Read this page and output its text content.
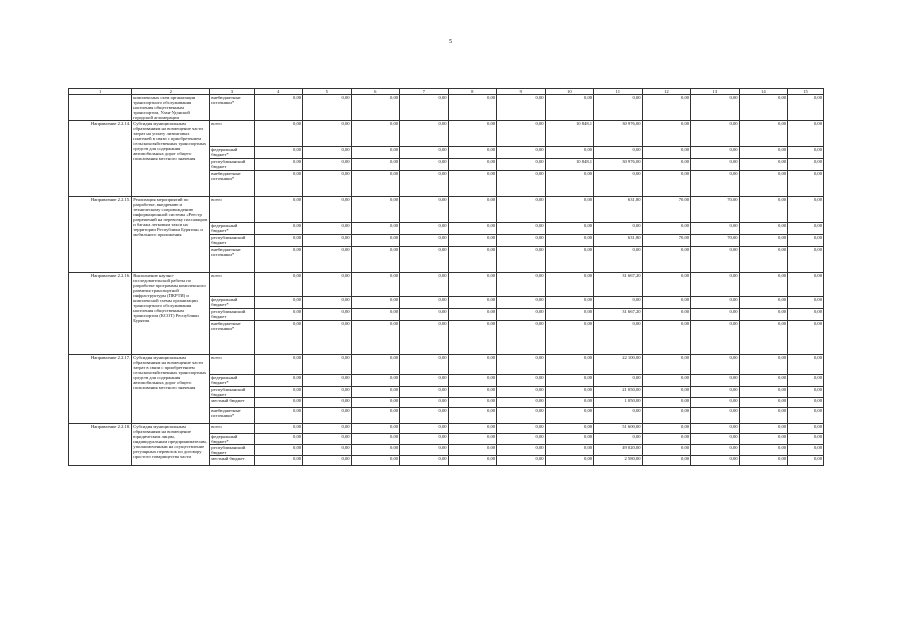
5
1	2	3	4	5	6	7	8	9	10	11	12	13	14	15
	комплексных схем организации транспортного обслуживания населения общественным транспортом, Улан-Удэнской городской агломерации	внебюджетные источники*	0,00	0,00	0,00	0,00	0,00	0,00	0,00	0,00	0,00	0,00	0,00	0,00
Направление 2.2.14.	Субсидия муниципальным образованиям на возмещение части затрат на уплату лизинговых платежей в связи с приобретением сельскохозяйственных транспортных средств для содержания автомобильных дорог общего пользования местного значения	всего	0,00	0,00	0,00	0,00	0,00	0,00	10 848,1	30 976,00	0,00	0,00	0,00	0,00
		федеральный бюджет*	0,00	0,00	0,00	0,00	0,00	0,00	0,00	0,00	0,00	0,00	0,00	0,00
		республиканский бюджет	0,00	0,00	0,00	0,00	0,00	0,00	10 848,1	30 976,00	0,00	0,00	0,00	0,00
		внебюджетные источники*	0,00	0,00	0,00	0,00	0,00	0,00	0,00	0,00	0,00	0,00	0,00	0,00
Направление 2.2.15.	Реализация мероприятий по разработке, внедрению и техническому сопровождению информационной системы «Реестр разрешений на перевозку пассажиров и багажа легковым такси на территории Республики Бурятия» и мобильного приложения	всего	0,00	0,00	0,00	0,00	0,00	0,00	0,00	631,80	70,00	70,00	0,00	0,00
		федеральный бюджет*	0,00	0,00	0,00	0,00	0,00	0,00	0,00	0,00	0,00	0,00	0,00	0,00
		республиканский бюджет	0,00	0,00	0,00	0,00	0,00	0,00	0,00	631,80	70,00	70,00	0,00	0,00
		внебюджетные источники*	0,00	0,00	0,00	0,00	0,00	0,00	0,00	0,00	0,00	0,00	0,00	0,00
Направление 2.2.16.	Выполнение научно-исследовательской работы по разработке программы комплексного развития транспортной инфраструктуры (ПКРТИ) и комплексной схемы организации транспортного обслуживания населения общественным транспортом (КСОТ) Республики Бурятия	всего	0,00	0,00	0,00	0,00	0,00	0,00	0,00	31 667,20	0,00	0,00	0,00	0,00
		федеральный бюджет*	0,00	0,00	0,00	0,00	0,00	0,00	0,00	0,00	0,00	0,00	0,00	0,00
		республиканский бюджет	0,00	0,00	0,00	0,00	0,00	0,00	0,00	31 667,20	0,00	0,00	0,00	0,00
		внебюджетные источники*	0,00	0,00	0,00	0,00	0,00	0,00	0,00	0,00	0,00	0,00	0,00	0,00
Направление 2.2.17.	Субсидия муниципальным образованиям на возмещение части затрат в связи с приобретением сельскохозяйственных транспортных средств для содержания автомобильных дорог общего пользования местного значения	всего	0,00	0,00	0,00	0,00	0,00	0,00	0,00	22 100,00	0,00	0,00	0,00	0,00
		федеральный бюджет*	0,00	0,00	0,00	0,00	0,00	0,00	0,00	0,00	0,00	0,00	0,00	0,00
		республиканский бюджет	0,00	0,00	0,00	0,00	0,00	0,00	0,00	21 050,00	0,00	0,00	0,00	0,00
		местный бюджет	0,00	0,00	0,00	0,00	0,00	0,00	0,00	1 050,00	0,00	0,00	0,00	0,00
		внебюджетные источники*	0,00	0,00	0,00	0,00	0,00	0,00	0,00	0,00	0,00	0,00	0,00	0,00
Направление 2.2.18.	Субсидия муниципальным образованиям на возмещение юридическим лицам, индивидуальным предпринимателям, уполномоченным на осуществление регулярных перевозок по договору простого товарищества части	всего	0,00	0,00	0,00	0,00	0,00	0,00	0,00	51 600,00	0,00	0,00	0,00	0,00
		федеральный бюджет*	0,00	0,00	0,00	0,00	0,00	0,00	0,00	0,00	0,00	0,00	0,00	0,00
		республиканский бюджет	0,00	0,00	0,00	0,00	0,00	0,00	0,00	49 020,00	0,00	0,00	0,00	0,00
		местный бюджет	0,00	0,00	0,00	0,00	0,00	0,00	0,00	2 580,00	0,00	0,00	0,00	0,00
